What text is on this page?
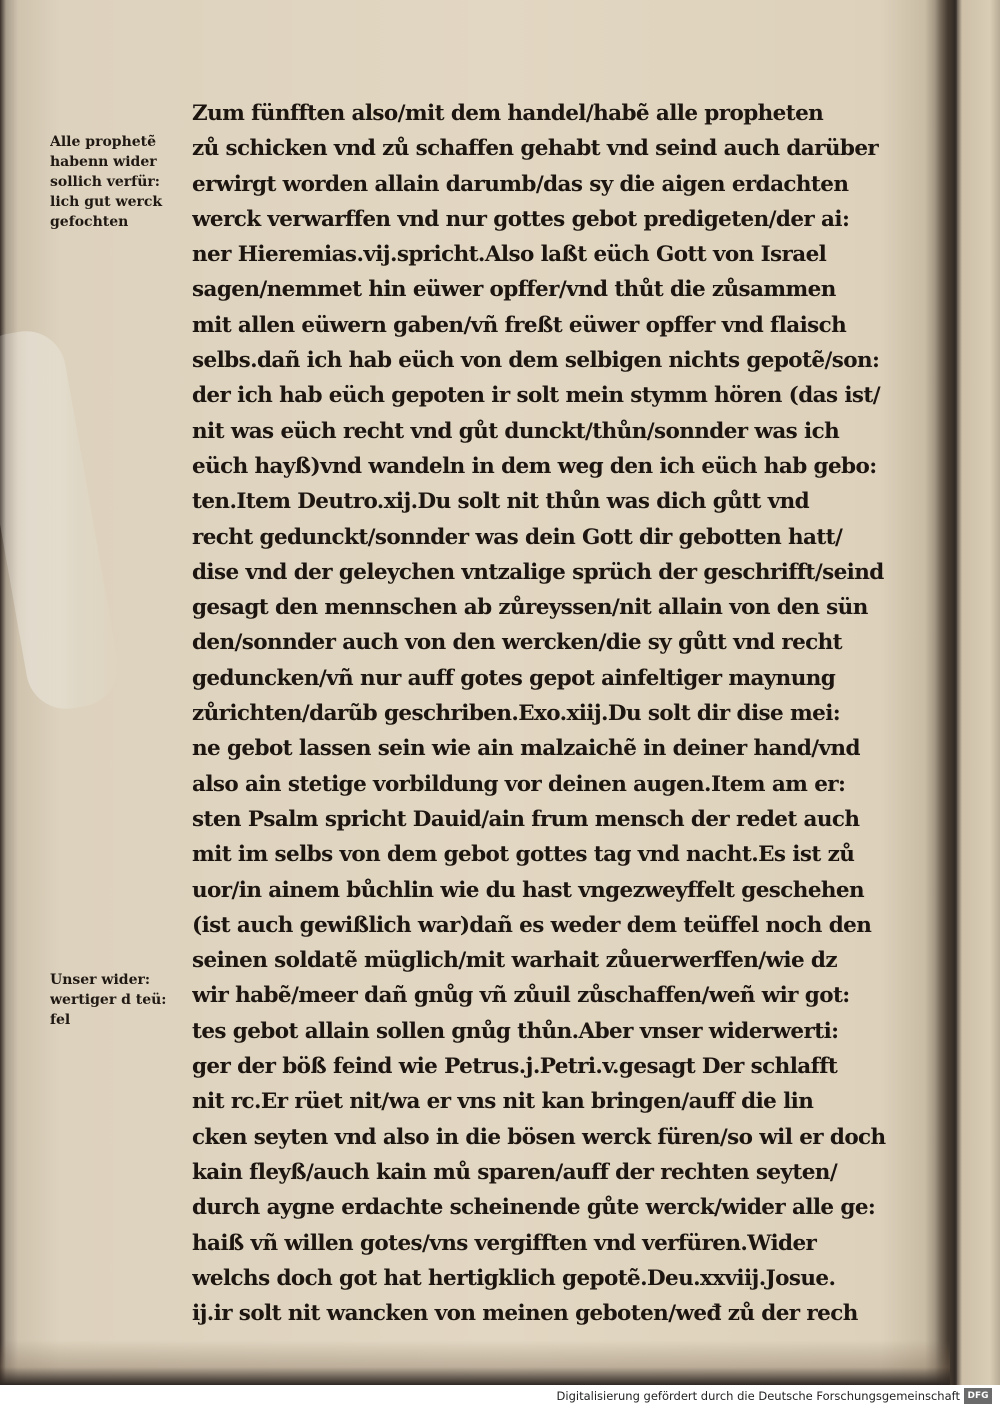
Alle prophetẽ
habenn wider
sollich verfür:
lich gut werck
gefochten
Unser wider:
wertiger d teü:
fel
Zum fünfften also/mit dem handel/habẽ alle propheten
zů schicken vnd zů schaffen gehabt vnd seind auch darüber
erwirgt worden allain darumb/das sy die aigen erdachten
werck verwarffen vnd nur gottes gebot predigeten/der ai:
ner Hieremias.vij.spricht.Also laßt eüch Gott von Israel
sagen/nemmet hin eüwer opffer/vnd thůt die zůsammen
mit allen eüwern gaben/vñ freßt eüwer opffer vnd flaisch
selbs.dañ ich hab eüch von dem selbigen nichts gepotẽ/son:
der ich hab eüch gepoten ir solt mein stymm hören (das ist/
nit was eüch recht vnd gůt dunckt/thůn/sonnder was ich
eüch hayß)vnd wandeln in dem weg den ich eüch hab gebo:
ten.Item Deutro.xij.Du solt nit thůn was dich gůtt vnd
recht gedunckt/sonnder was dein Gott dir gebotten hatt/
dise vnd der geleychen vntzalige sprüch der geschrifft/seind
gesagt den mennschen ab zůreyssen/nit allain von den sün
den/sonnder auch von den wercken/die sy gůtt vnd recht
geduncken/vñ nur auff gotes gepot ainfeltiger maynung
zůrichten/darũb geschriben.Exo.xiij.Du solt dir dise mei:
ne gebot lassen sein wie ain malzaichẽ in deiner hand/vnd
also ain stetige vorbildung vor deinen augen.Item am er:
sten Psalm spricht Dauid/ain frum mensch der redet auch
mit im selbs von dem gebot gottes tag vnd nacht.Es ist zů
uor/in ainem bůchlin wie du hast vngezweyffelt geschehen
(ist auch gewißlich war)dañ es weder dem teüffel noch den
seinen soldatẽ müglich/mit warhait zůuerwerffen/wie dz
wir habẽ/meer dañ gnůg vñ zůuil zůschaffen/weñ wir got:
tes gebot allain sollen gnůg thůn.Aber vnser widerwerti:
ger der böß feind wie Petrus.j.Petri.v.gesagt Der schlafft
nit rc.Er rüet nit/wa er vns nit kan bringen/auff die lin
cken seyten vnd also in die bösen werck füren/so wil er doch
kain fleyß/auch kain mů sparen/auff der rechten seyten/
durch aygne erdachte scheinende gůte werck/wider alle ge:
haiß vñ willen gotes/vns vergifften vnd verfüren.Wider
welchs doch got hat hertigklich gepotẽ.Deu.xxviij.Josue.
ij.ir solt nit wancken von meinen geboten/weđ zů der rech
Digitalisierung gefördert durch die Deutsche Forschungsgemeinschaft DFG
